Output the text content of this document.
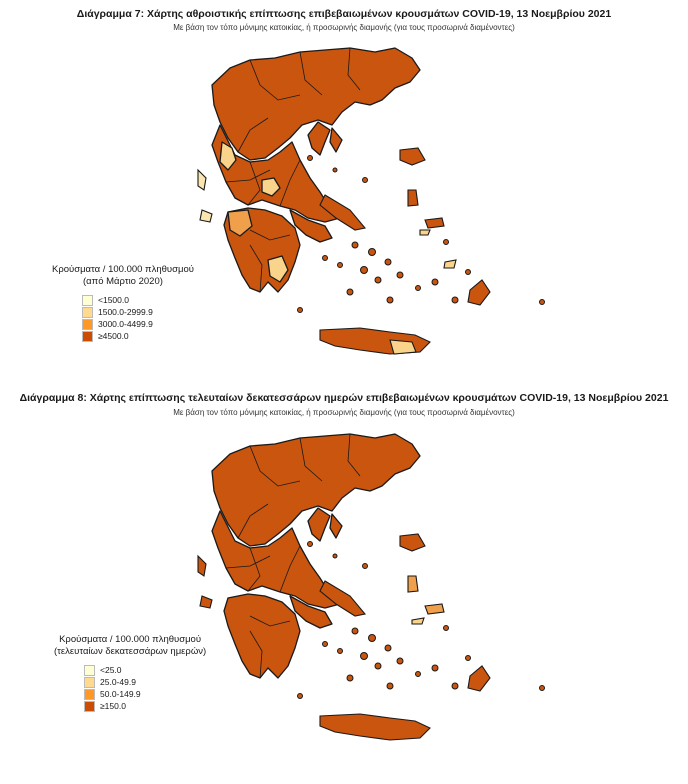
Διάγραμμα 7: Χάρτης αθροιστικής επίπτωσης επιβεβαιωμένων κρουσμάτων COVID-19, 13 Νοεμβρίου 2021
Με βάση τον τόπο μόνιμης κατοικίας, ή προσωρινής διαμονής (για τους προσωρινά διαμένοντες)
Κρούσματα / 100.000 πληθυσμού
(από Μάρτιο 2020)
<1500.0
1500.0-2999.9
3000.0-4499.9
≥4500.0
Διάγραμμα 8: Χάρτης επίπτωσης τελευταίων δεκατεσσάρων ημερών επιβεβαιωμένων κρουσμάτων COVID-19, 13 Νοεμβρίου 2021
Με βάση τον τόπο μόνιμης κατοικίας, ή προσωρινής διαμονής (για τους προσωρινά διαμένοντες)
Κρούσματα / 100.000 πληθυσμού
(τελευταίων δεκατεσσάρων ημερών)
<25.0
25.0-49.9
50.0-149.9
≥150.0
